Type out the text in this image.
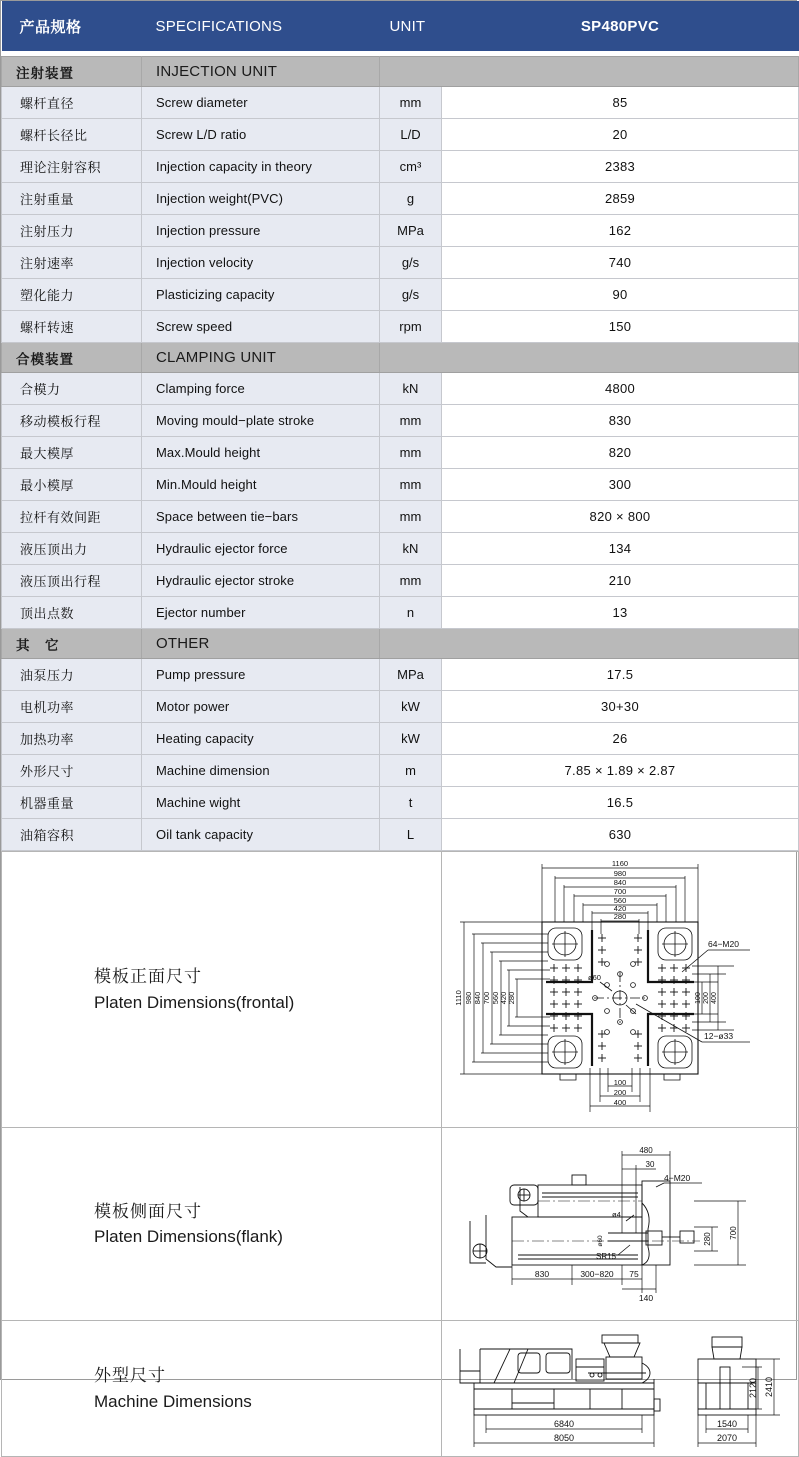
产品规格	SPECIFICATIONS	UNIT	SP480PVC

注射装置	INJECTION UNIT		
螺杆直径	Screw diameter	mm	85
螺杆长径比	Screw L/D ratio	L/D	20
理论注射容积	Injection capacity in theory	cm³	2383
注射重量	Injection weight(PVC)	g	2859
注射压力	Injection pressure	MPa	162
注射速率	Injection velocity	g/s	740
塑化能力	Plasticizing capacity	g/s	90
螺杆转速	Screw speed	rpm	150
合模装置	CLAMPING UNIT		
合模力	Clamping force	kN	4800
移动模板行程	Moving mould−plate stroke	mm	830
最大模厚	Max.Mould height	mm	820
最小模厚	Min.Mould height	mm	300
拉杆有效间距	Space between tie−bars	mm	820 × 800
液压顶出力	Hydraulic ejector force	kN	134
液压顶出行程	Hydraulic ejector stroke	mm	210
顶出点数	Ejector number	n	13
其　它	OTHER		
油泵压力	Pump pressure	MPa	17.5
电机功率	Motor power	kW	30+30
加热功率	Heating capacity	kW	26
外形尺寸	Machine dimension	m	7.85 × 1.89 × 2.87
机器重量	Machine wight	t	16.5
油箱容积	Oil tank capacity	L	630
模板正面尺寸
Platen Dimensions(frontal)

1160
980
840
700
560
420
280
1110 980 840 700 560 420 280	100 200 400
100
200
400
64−M20
12−ø33
ø60

模板侧面尺寸
Platen Dimensions(flank)

480
30
830	300−820 75
140
700
280
4−M20
ø4
ø60
SR15

外型尺寸
Machine Dimensions

6840
8050
1540
2070
2120 2410
